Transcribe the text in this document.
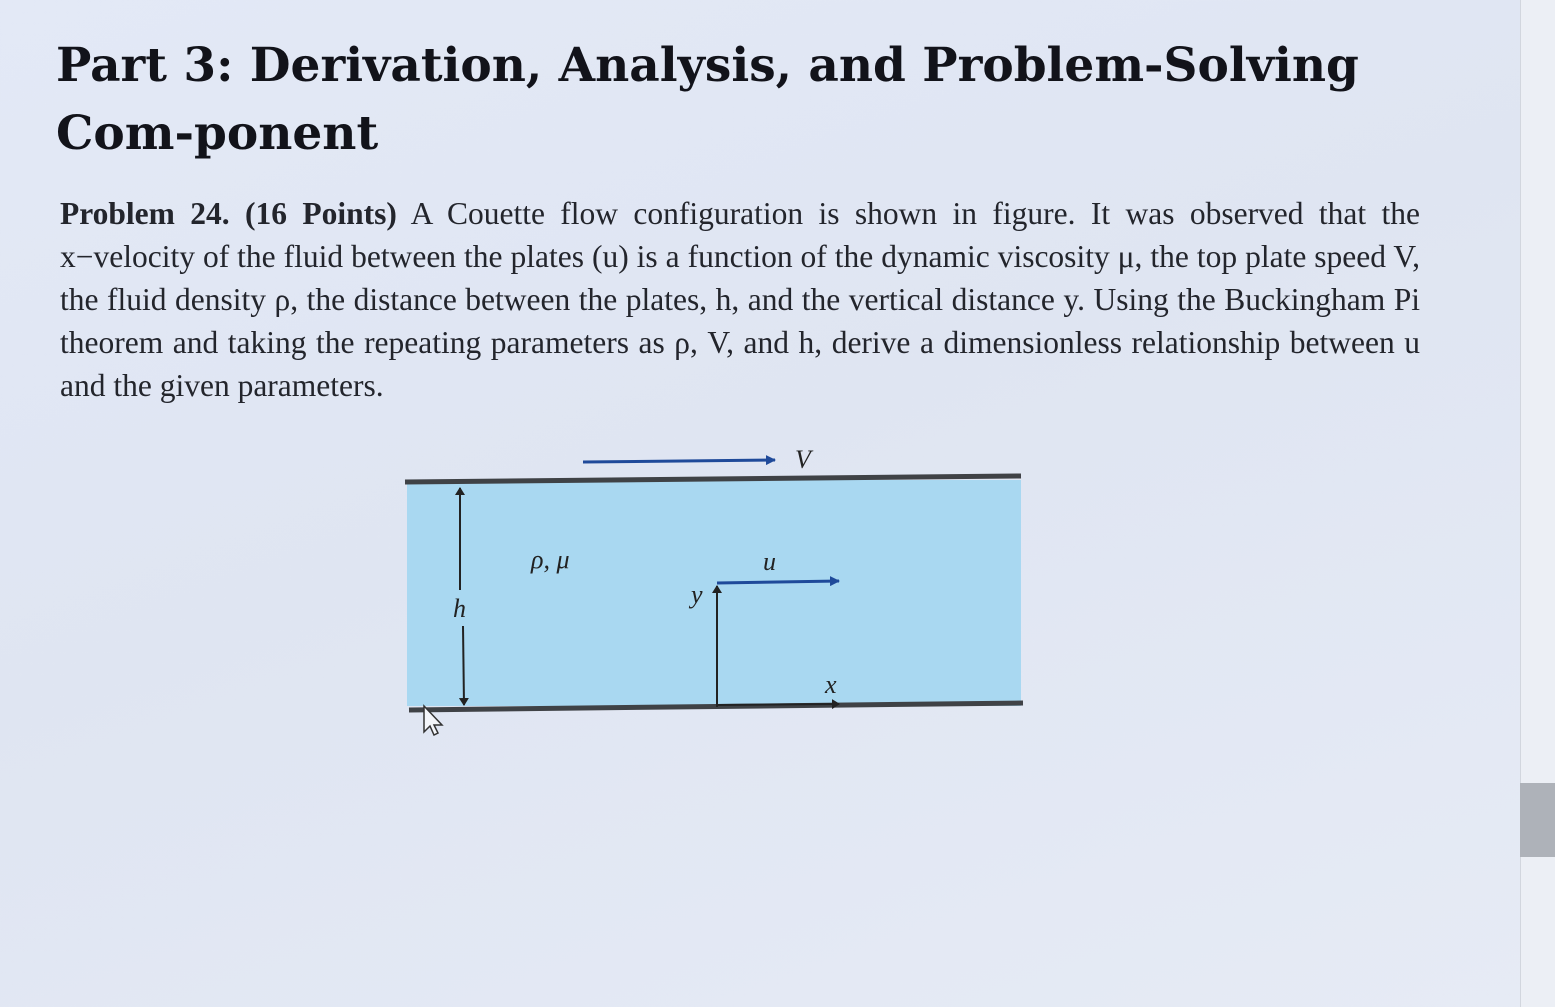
Part 3: Derivation, Analysis, and Problem-Solving Com-ponent

Problem 24. (16 Points) A Couette flow configuration is shown in figure. It was observed that the x−velocity of the fluid between the plates (u) is a function of the dynamic viscosity μ, the top plate speed V, the fluid density ρ, the distance between the plates, h, and the vertical distance y. Using the Buckingham Pi theorem and taking the repeating parameters as ρ, V, and h, derive a dimensionless relationship between u and the given parameters.

V
h
ρ, μ	u
y
x
